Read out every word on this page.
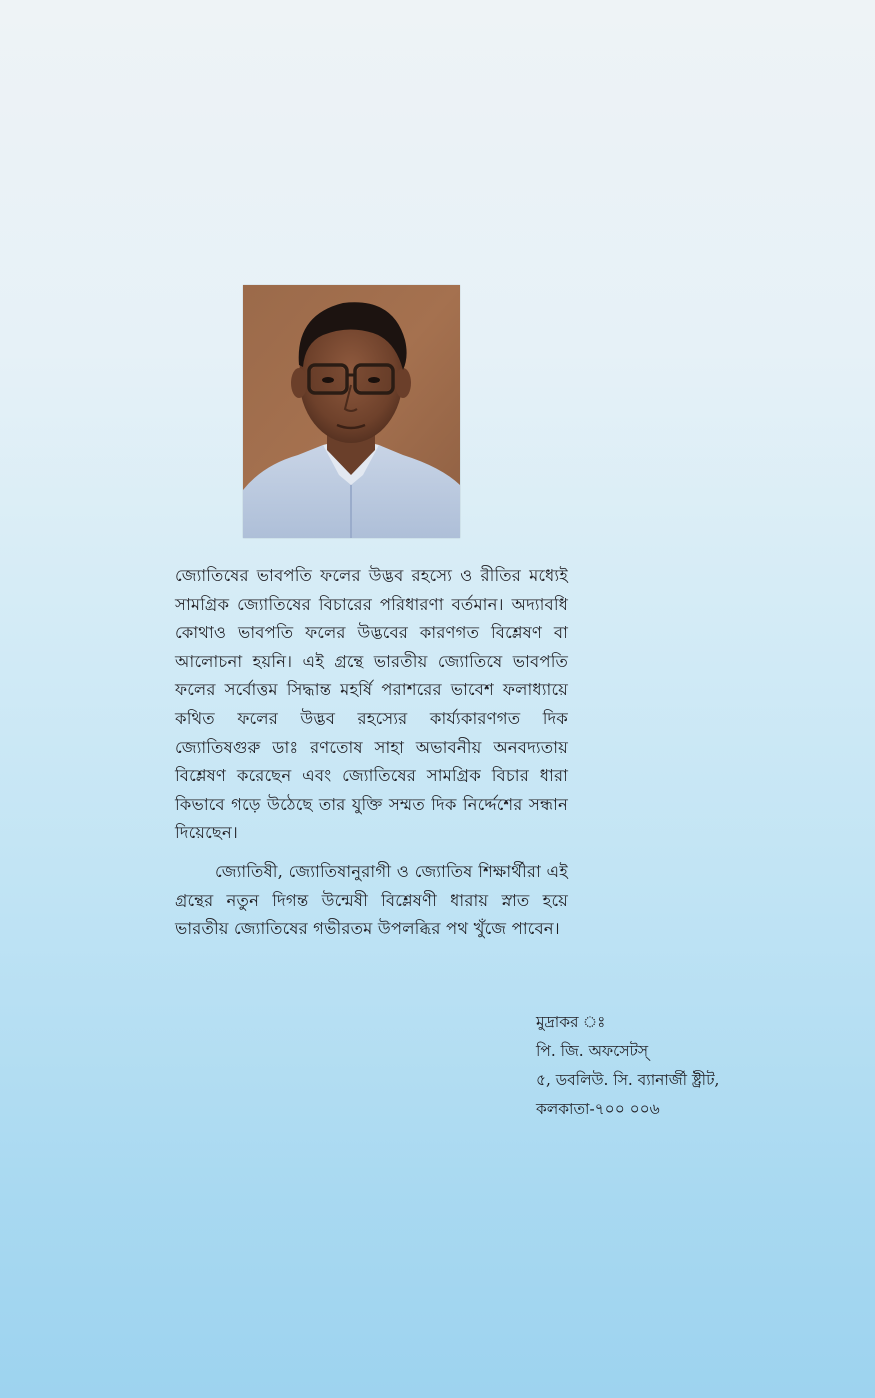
জ্যোতিষের ভাবপতি ফলের উদ্ভব রহস্যে ও রীতির মধ্যেই সামগ্রিক জ্যোতিষের বিচারের পরিধারণা বর্তমান। অদ্যাবধি কোথাও ভাবপতি ফলের উদ্ভবের কারণগত বিশ্লেষণ বা আলোচনা হয়নি। এই গ্রন্থে ভারতীয় জ্যোতিষে ভাবপতি ফলের সর্বোত্তম সিদ্ধান্ত মহর্ষি পরাশরের ভাবেশ ফলাধ্যায়ে কথিত ফলের উদ্ভব রহস্যের কার্য্যকারণগত দিক জ্যোতিষগুরু ডাঃ রণতোষ সাহা অভাবনীয় অনবদ্যতায় বিশ্লেষণ করেছেন এবং জ্যোতিষের সামগ্রিক বিচার ধারা কিভাবে গড়ে উঠেছে তার যুক্তি সম্মত দিক নির্দ্দেশের সন্ধান দিয়েছেন।

জ্যোতিষী, জ্যোতিষানুরাগী ও জ্যোতিষ শিক্ষার্থীরা এই গ্রন্থের নতুন দিগন্ত উন্মেষী বিশ্লেষণী ধারায় স্নাত হয়ে ভারতীয় জ্যোতিষের গভীরতম উপলব্ধির পথ খুঁজে পাবেন।

মুদ্রাকর ঃ
পি. জি. অফসেটস্
৫, ডবলিউ. সি. ব্যানার্জী ষ্ট্রীট,
কলকাতা-৭০০ ০০৬
